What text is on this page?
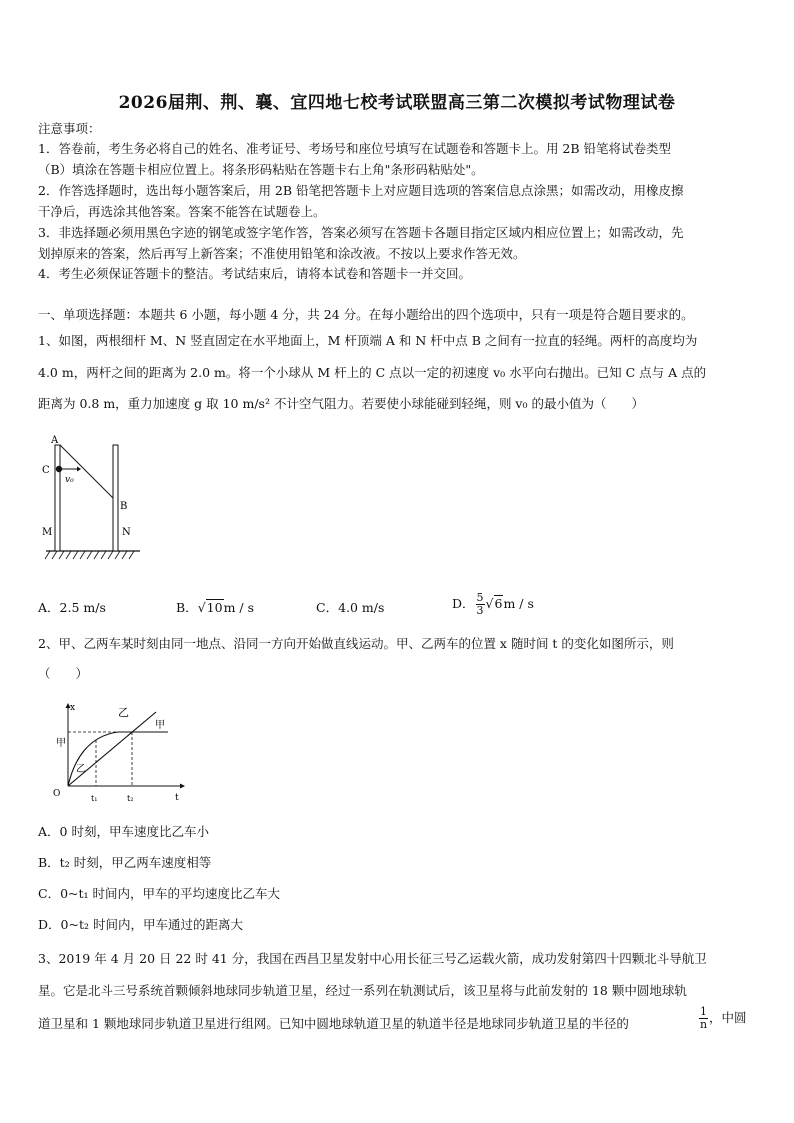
2026届荆、荆、襄、宜四地七校考试联盟高三第二次模拟考试物理试卷
注意事项：
1．答卷前，考生务必将自己的姓名、准考证号、考场号和座位号填写在试题卷和答题卡上。用 2B 铅笔将试卷类型
（B）填涂在答题卡相应位置上。将条形码粘贴在答题卡右上角"条形码粘贴处"。
2．作答选择题时，选出每小题答案后，用 2B 铅笔把答题卡上对应题目选项的答案信息点涂黑；如需改动，用橡皮擦
干净后，再选涂其他答案。答案不能答在试题卷上。
3．非选择题必须用黑色字迹的钢笔或签字笔作答，答案必须写在答题卡各题目指定区域内相应位置上；如需改动，先
划掉原来的答案，然后再写上新答案；不准使用铅笔和涂改液。不按以上要求作答无效。
4．考生必须保证答题卡的整洁。考试结束后，请将本试卷和答题卡一并交回。
一、单项选择题：本题共 6 小题，每小题 4 分，共 24 分。在每小题给出的四个选项中，只有一项是符合题目要求的。
1、如图，两根细杆 M、N 竖直固定在水平地面上，M 杆顶端 A 和 N 杆中点 B 之间有一拉直的轻绳。两杆的高度均为
4.0 m，两杆之间的距离为 2.0 m。将一个小球从 M 杆上的 C 点以一定的初速度 v₀ 水平向右抛出。已知 C 点与 A 点的
距离为 0.8 m，重力加速度 g 取 10 m/s² 不计空气阻力。若要使小球能碰到轻绳，则 v₀ 的最小值为（　　）
A
C
v₀
B
M	N
A．2.5 m/s	B．√10m / s	C．4.0 m/s	D． $\frac{5}{3} √6m$ / s
2、甲、乙两车某时刻由同一地点、沿同一方向开始做直线运动。甲、乙两车的位置 x 随时间 t 的变化如图所示，则
（　　）
x
t
O	t₁	t₂
乙
甲
甲
乙
A．0 时刻，甲车速度比乙车小
B．t₂ 时刻，甲乙两车速度相等
C．0~t₁ 时间内，甲车的平均速度比乙车大
D．0~t₂ 时间内，甲车通过的距离大
3、2019 年 4 月 20 日 22 时 41 分，我国在西昌卫星发射中心用长征三号乙运载火箭，成功发射第四十四颗北斗导航卫
星。它是北斗三号系统首颗倾斜地球同步轨道卫星，经过一系列在轨测试后，该卫星将与此前发射的 18 颗中圆地球轨
道卫星和 1 颗地球同步轨道卫星进行组网。已知中圆地球轨道卫星的轨道半径是地球同步轨道卫星的半径的	$\frac{1}{n}$ ，中圆
